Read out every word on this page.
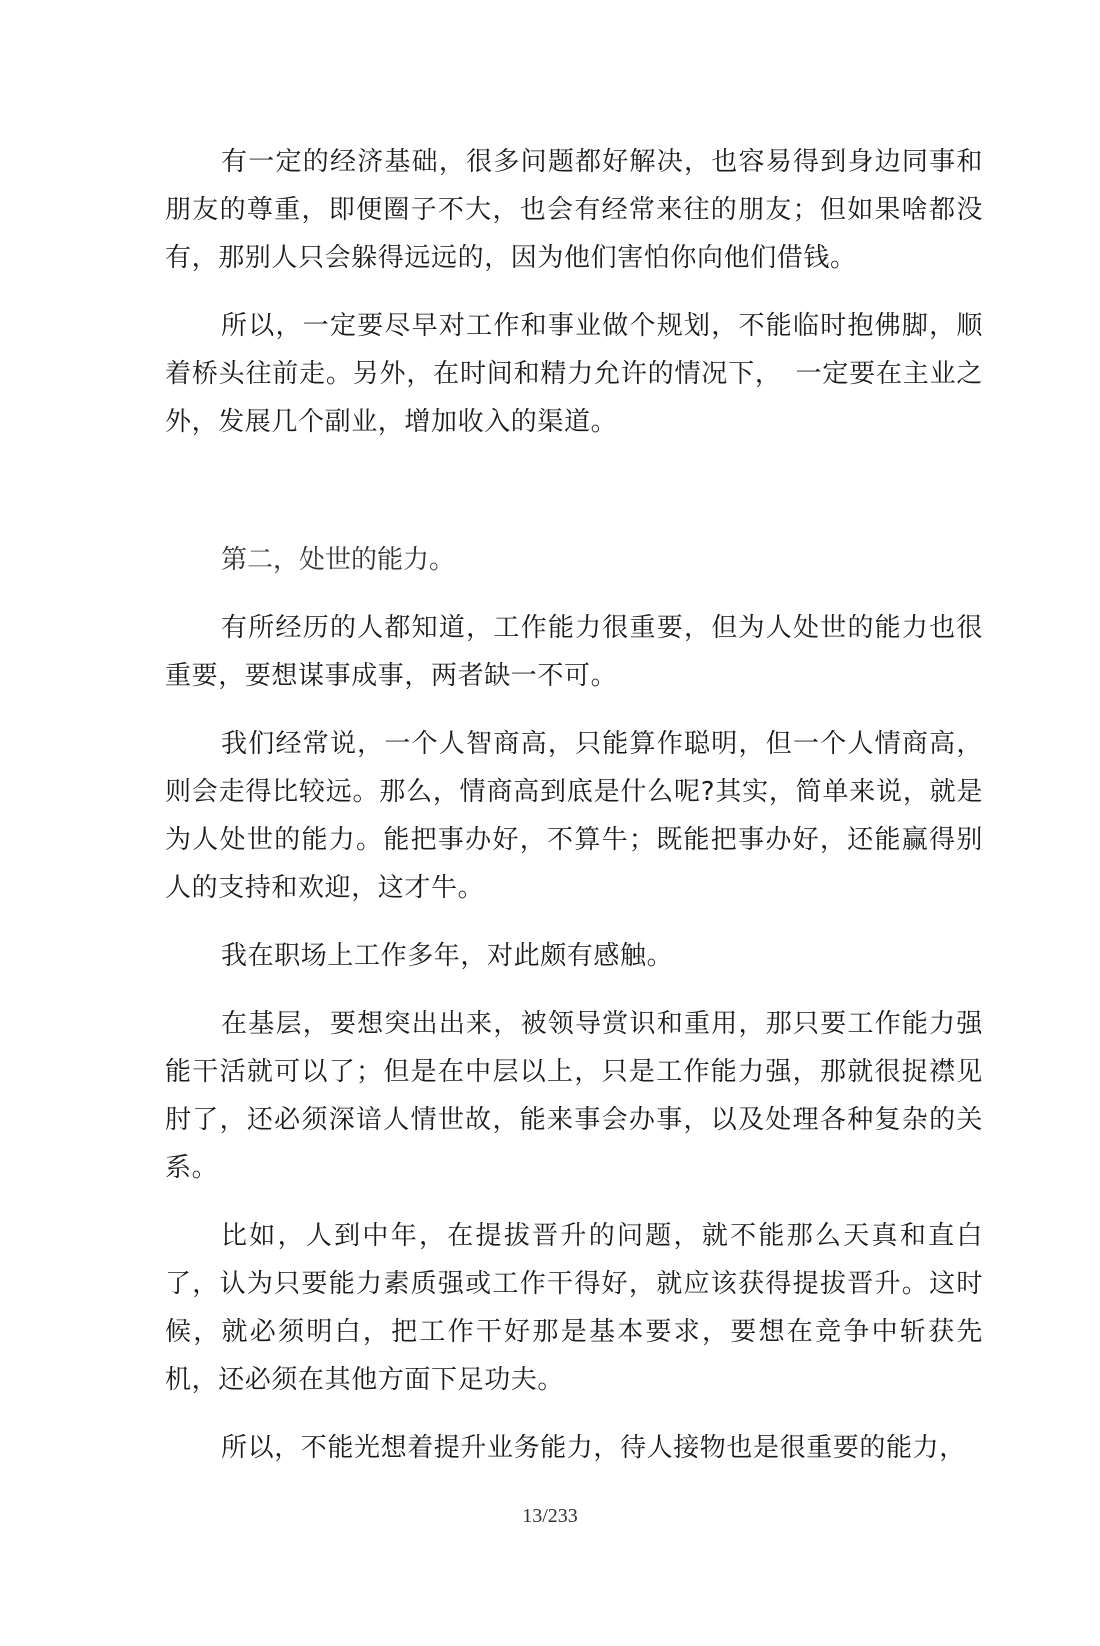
有一定的经济基础，很多问题都好解决，也容易得到身边同事和朋友的尊重，即便圈子不大，也会有经常来往的朋友；但如果啥都没有，那别人只会躲得远远的，因为他们害怕你向他们借钱。

所以，一定要尽早对工作和事业做个规划，不能临时抱佛脚，顺着桥头往前走。另外，在时间和精力允许的情况下，　一定要在主业之外，发展几个副业，增加收入的渠道。

第二，处世的能力。

有所经历的人都知道，工作能力很重要，但为人处世的能力也很重要，要想谋事成事，两者缺一不可。

我们经常说，一个人智商高，只能算作聪明，但一个人情商高，则会走得比较远。那么，情商高到底是什么呢?其实，简单来说，就是为人处世的能力。能把事办好，不算牛；既能把事办好，还能赢得别人的支持和欢迎，这才牛。

我在职场上工作多年，对此颇有感触。

在基层，要想突出出来，被领导赏识和重用，那只要工作能力强能干活就可以了；但是在中层以上，只是工作能力强，那就很捉襟见肘了，还必须深谙人情世故，能来事会办事，以及处理各种复杂的关系。

比如，人到中年，在提拔晋升的问题，就不能那么天真和直白了，认为只要能力素质强或工作干得好，就应该获得提拔晋升。这时候，就必须明白，把工作干好那是基本要求，要想在竞争中斩获先机，还必须在其他方面下足功夫。

所以，不能光想着提升业务能力，待人接物也是很重要的能力，

13/233
